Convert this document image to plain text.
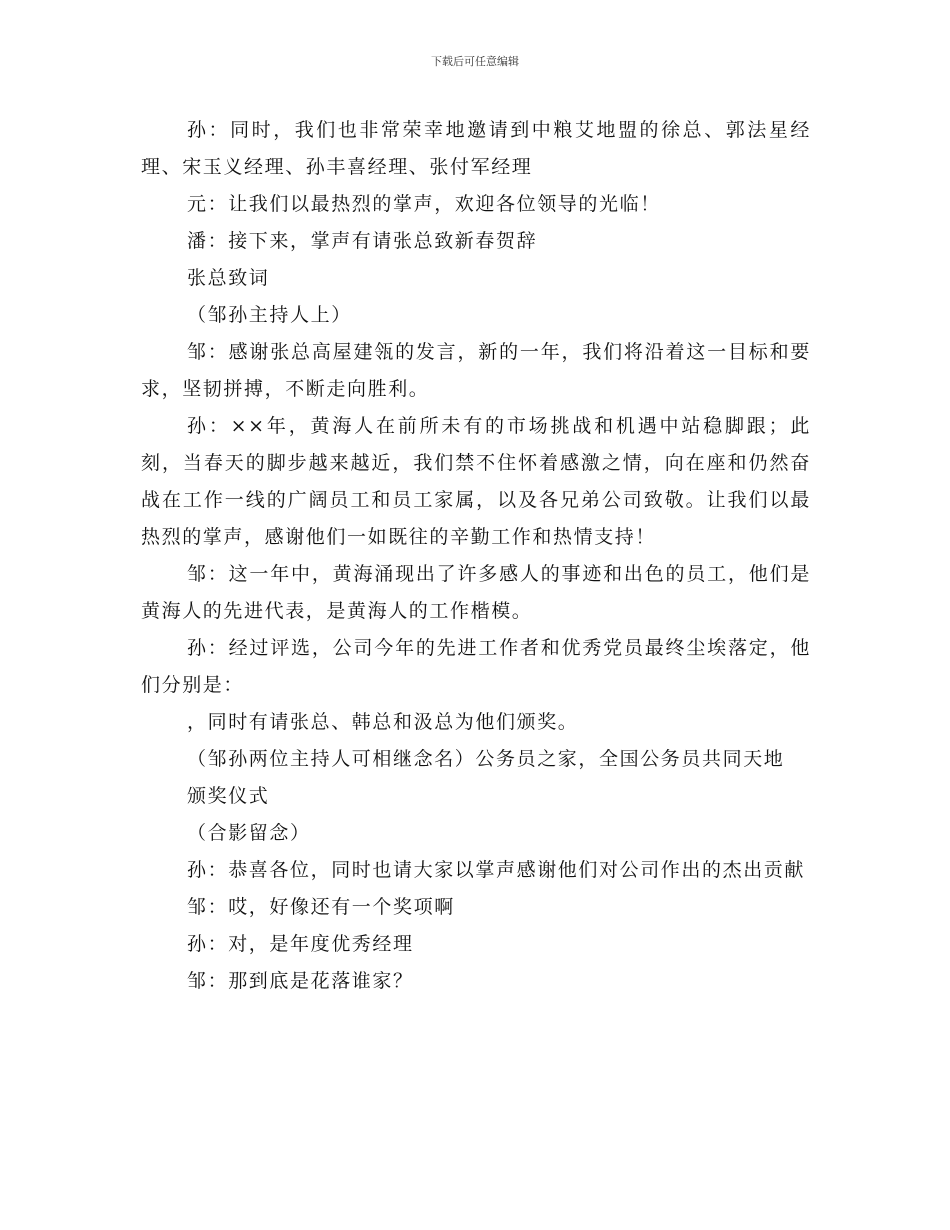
下载后可任意编辑

孙：同时，我们也非常荣幸地邀请到中粮艾地盟的徐总、郭法星经理、宋玉义经理、孙丰喜经理、张付军经理

元：让我们以最热烈的掌声，欢迎各位领导的光临！

潘：接下来，掌声有请张总致新春贺辞

张总致词

（邹孙主持人上）

邹：感谢张总高屋建瓴的发言，新的一年，我们将沿着这一目标和要求，坚韧拼搏，不断走向胜利。

孙：××年，黄海人在前所未有的市场挑战和机遇中站稳脚跟；此刻，当春天的脚步越来越近，我们禁不住怀着感激之情，向在座和仍然奋战在工作一线的广阔员工和员工家属，以及各兄弟公司致敬。让我们以最热烈的掌声，感谢他们一如既往的辛勤工作和热情支持！

邹：这一年中，黄海涌现出了许多感人的事迹和出色的员工，他们是黄海人的先进代表，是黄海人的工作楷模。

孙：经过评选，公司今年的先进工作者和优秀党员最终尘埃落定，他们分别是：

，同时有请张总、韩总和汲总为他们颁奖。

（邹孙两位主持人可相继念名）公务员之家，全国公务员共同天地

颁奖仪式

（合影留念）

孙：恭喜各位，同时也请大家以掌声感谢他们对公司作出的杰出贡献

邹：哎，好像还有一个奖项啊

孙：对，是年度优秀经理

邹：那到底是花落谁家？
